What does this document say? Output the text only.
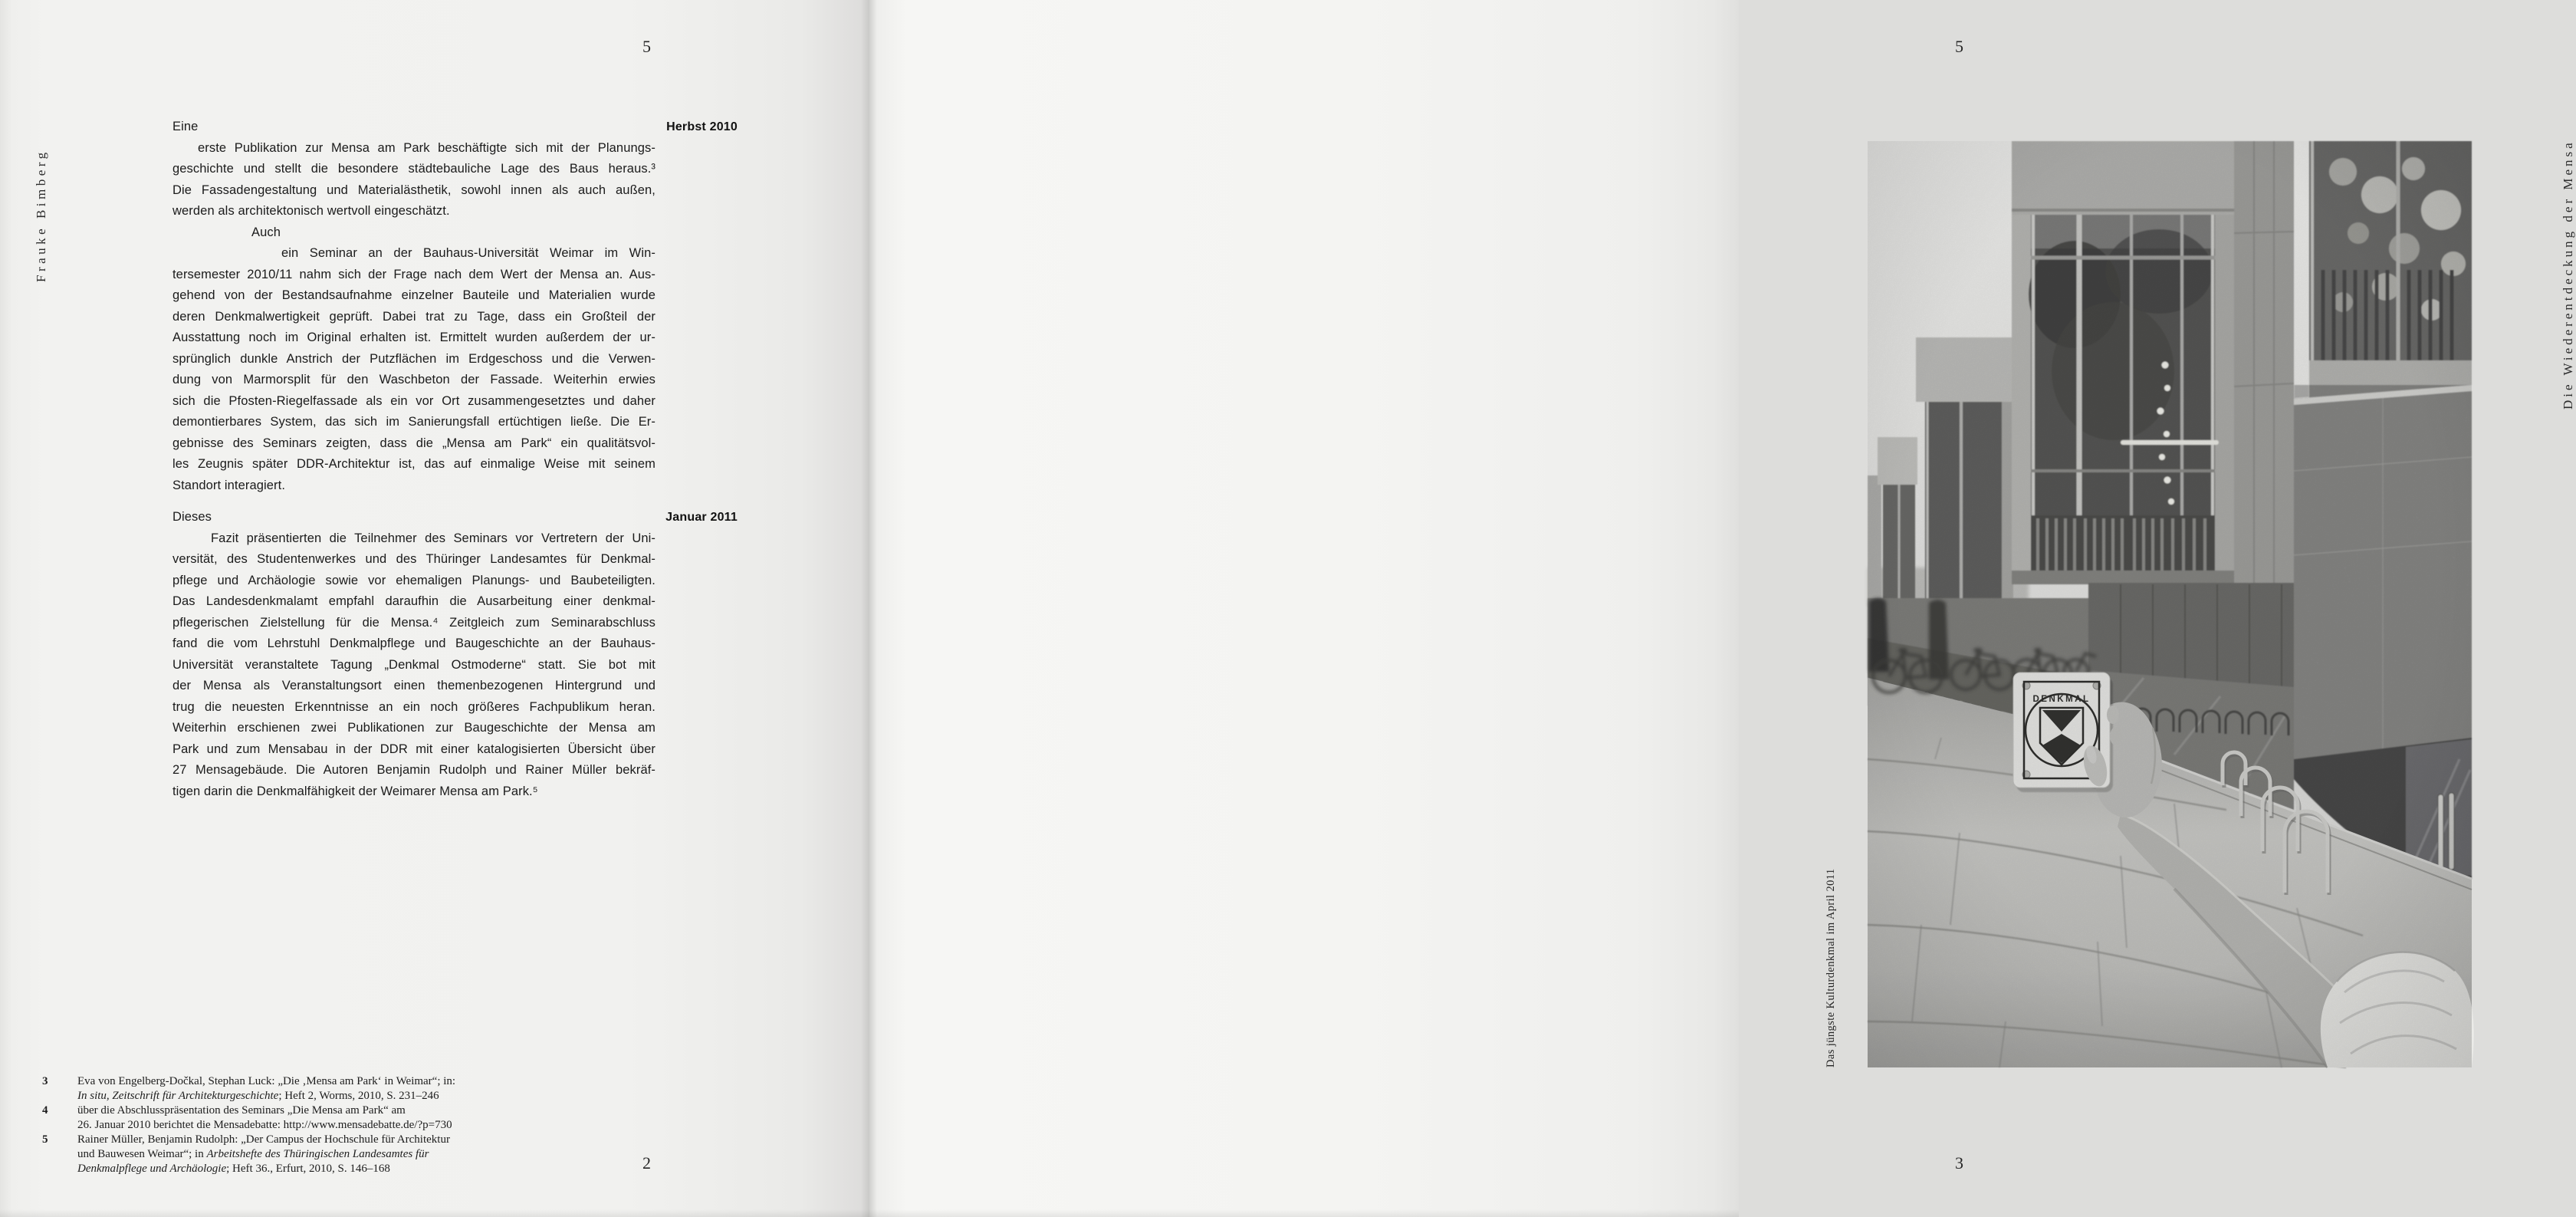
Frauke Bimberg
5
Eine	Herbst 2010
erste Publikation zur Mensa am Park beschäftigte sich mit der Planungs-
geschichte und stellt die besondere städtebauliche Lage des Baus heraus.³
Die Fassadengestaltung und Materialästhetik, sowohl innen als auch außen,
werden als architektonisch wertvoll eingeschätzt.
Auch
ein Seminar an der Bauhaus-Universität Weimar im Win-
tersemester 2010/11 nahm sich der Frage nach dem Wert der Mensa an. Aus-
gehend von der Bestandsaufnahme einzelner Bauteile und Materialien wurde
deren Denkmalwertigkeit geprüft. Dabei trat zu Tage, dass ein Großteil der
Ausstattung noch im Original erhalten ist. Ermittelt wurden außerdem der ur-
sprünglich dunkle Anstrich der Putzflächen im Erdgeschoss und die Verwen-
dung von Marmorsplit für den Waschbeton der Fassade. Weiterhin erwies
sich die Pfosten-Riegelfassade als ein vor Ort zusammengesetztes und daher
demontierbares System, das sich im Sanierungsfall ertüchtigen ließe. Die Er-
gebnisse des Seminars zeigten, dass die „Mensa am Park“ ein qualitätsvol-
les Zeugnis später DDR-Architektur ist, das auf einmalige Weise mit seinem
Standort interagiert.
Dieses	Januar 2011
Fazit präsentierten die Teilnehmer des Seminars vor Vertretern der Uni-
versität, des Studentenwerkes und des Thüringer Landesamtes für Denkmal-
pflege und Archäologie sowie vor ehemaligen Planungs- und Baubeteiligten.
Das Landesdenkmalamt empfahl daraufhin die Ausarbeitung einer denkmal-
pflegerischen Zielstellung für die Mensa.⁴ Zeitgleich zum Seminarabschluss
fand die vom Lehrstuhl Denkmalpflege und Baugeschichte an der Bauhaus-
Universität veranstaltete Tagung „Denkmal Ostmoderne“ statt. Sie bot mit
der Mensa als Veranstaltungsort einen themenbezogenen Hintergrund und
trug die neuesten Erkenntnisse an ein noch größeres Fachpublikum heran.
Weiterhin erschienen zwei Publikationen zur Baugeschichte der Mensa am
Park und zum Mensabau in der DDR mit einer katalogisierten Übersicht über
27 Mensagebäude. Die Autoren Benjamin Rudolph und Rainer Müller bekräf-
tigen darin die Denkmalfähigkeit der Weimarer Mensa am Park.⁵
3	Eva von Engelberg-Dočkal, Stephan Luck: „Die ‚Mensa am Park‘ in Weimar“; in:
In situ, Zeitschrift für Architekturgeschichte; Heft 2, Worms, 2010, S. 231–246
4	über die Abschlusspräsentation des Seminars „Die Mensa am Park“ am
26. Januar 2010 berichtet die Mensadebatte: http://www.mensadebatte.de/?p=730
5	Rainer Müller, Benjamin Rudolph: „Der Campus der Hochschule für Architektur
und Bauwesen Weimar“; in Arbeitshefte des Thüringischen Landesamtes für
Denkmalpflege und Archäologie; Heft 36., Erfurt, 2010, S. 146–168	2
5
Das jüngste Kulturdenkmal im April 2011
Die Wiederentdeckung der Mensa
3
